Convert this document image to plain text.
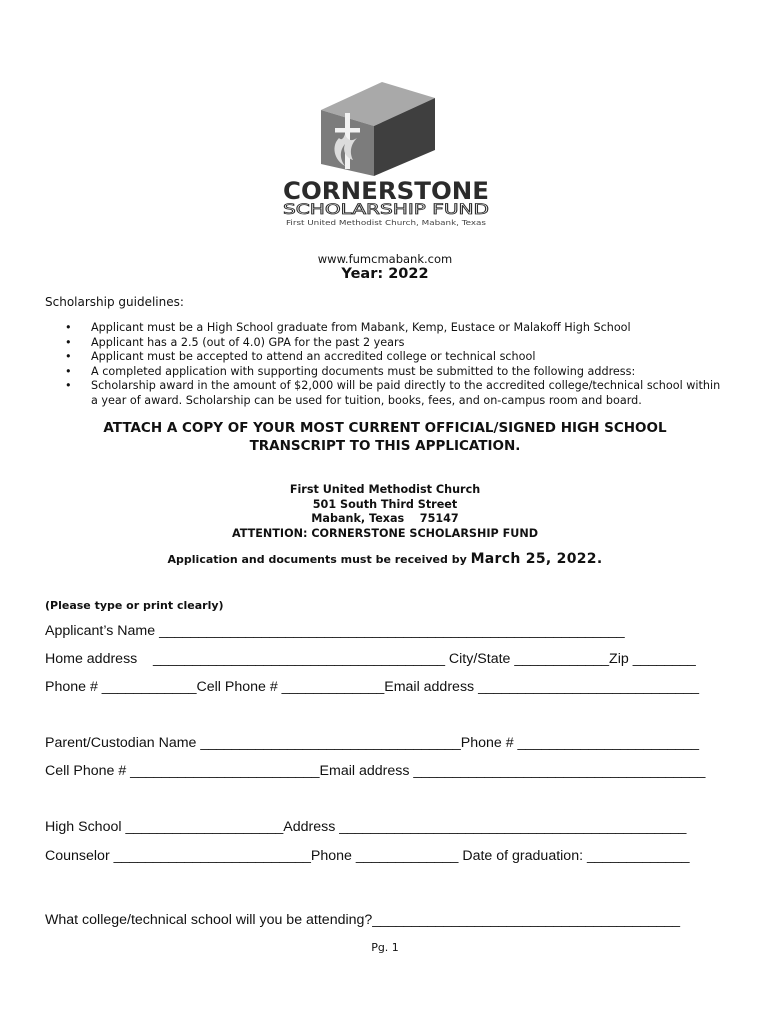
CORNERSTONE
SCHOLARSHIP FUND
First United Methodist Church, Mabank, Texas
www.fumcmabank.com
Year: 2022
Scholarship guidelines:
• Applicant must be a High School graduate from Mabank, Kemp, Eustace or Malakoff High School
• Applicant has a 2.5 (out of 4.0) GPA for the past 2 years
• Applicant must be accepted to attend an accredited college or technical school
• A completed application with supporting documents must be submitted to the following address:
• Scholarship award in the amount of $2,000 will be paid directly to the accredited college/technical school within a year of award. Scholarship can be used for tuition, books, fees, and on-campus room and board.
ATTACH A COPY OF YOUR MOST CURRENT OFFICIAL/SIGNED HIGH SCHOOL
TRANSCRIPT TO THIS APPLICATION.
First United Methodist Church
501 South Third Street
Mabank, Texas    75147
ATTENTION: CORNERSTONE SCHOLARSHIP FUND
Application and documents must be received by March 25, 2022.
(Please type or print clearly)
Applicant’s Name ___________________________________________________________
Home address    _____________________________________ City/State ____________Zip ________
Phone # ____________Cell Phone # _____________Email address ____________________________
Parent/Custodian Name _________________________________Phone # _______________________
Cell Phone # ________________________Email address _____________________________________
High School ____________________Address ____________________________________________
Counselor _________________________Phone _____________ Date of graduation: _____________
What college/technical school will you be attending?_______________________________________
Pg. 1
